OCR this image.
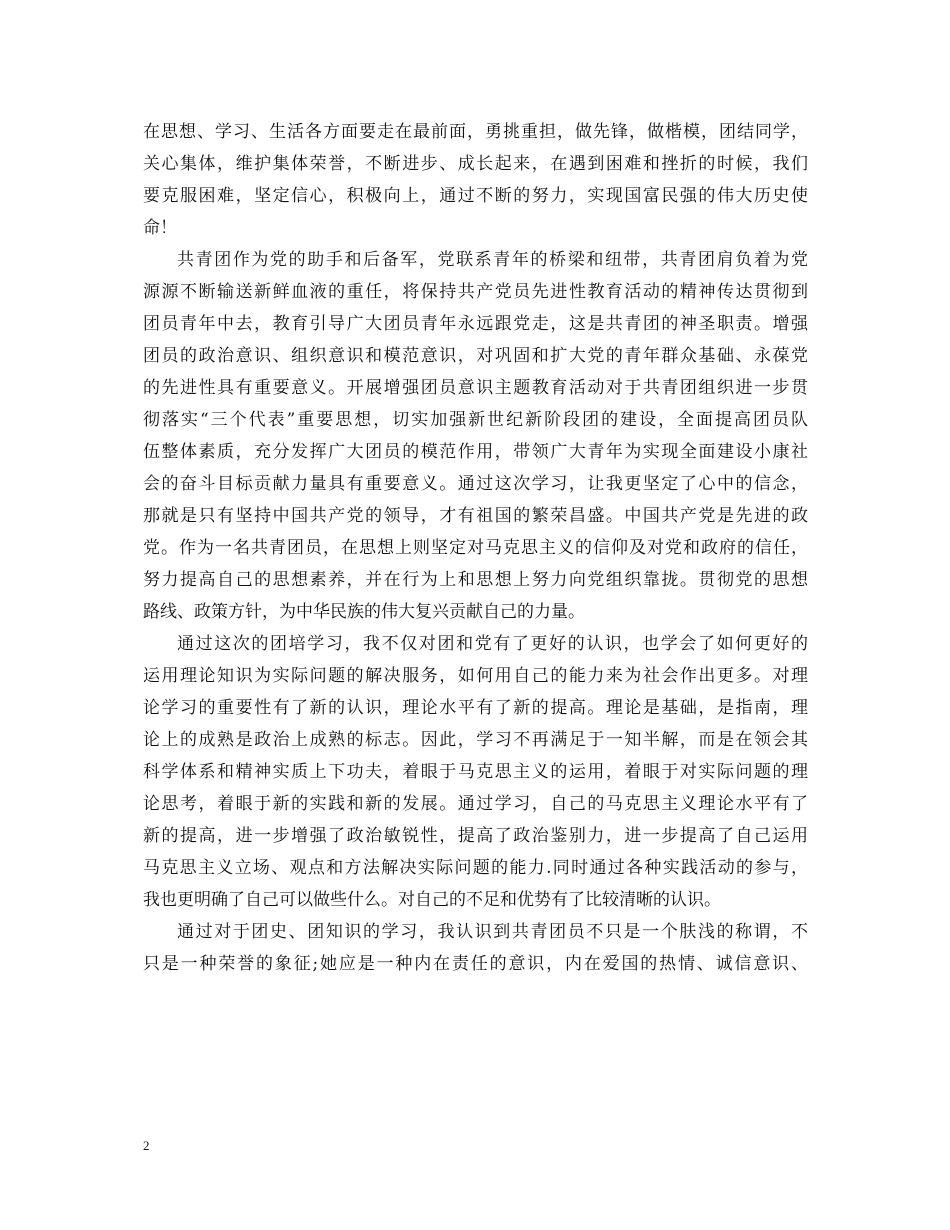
在思想、学习、生活各方面要走在最前面，勇挑重担，做先锋，做楷模，团结同学，
关心集体，维护集体荣誉，不断进步、成长起来，在遇到困难和挫折的时候，我们
要克服困难，坚定信心，积极向上，通过不断的努力，实现国富民强的伟大历史使
命！
共青团作为党的助手和后备军，党联系青年的桥梁和纽带，共青团肩负着为党
源源不断输送新鲜血液的重任，将保持共产党员先进性教育活动的精神传达贯彻到
团员青年中去，教育引导广大团员青年永远跟党走，这是共青团的神圣职责。增强
团员的政治意识、组织意识和模范意识，对巩固和扩大党的青年群众基础、永葆党
的先进性具有重要意义。开展增强团员意识主题教育活动对于共青团组织进一步贯
彻落实“三个代表”重要思想，切实加强新世纪新阶段团的建设，全面提高团员队
伍整体素质，充分发挥广大团员的模范作用，带领广大青年为实现全面建设小康社
会的奋斗目标贡献力量具有重要意义。通过这次学习，让我更坚定了心中的信念，
那就是只有坚持中国共产党的领导，才有祖国的繁荣昌盛。中国共产党是先进的政
党。作为一名共青团员，在思想上则坚定对马克思主义的信仰及对党和政府的信任，
努力提高自己的思想素养，并在行为上和思想上努力向党组织靠拢。贯彻党的思想
路线、政策方针，为中华民族的伟大复兴贡献自己的力量。
通过这次的团培学习，我不仅对团和党有了更好的认识，也学会了如何更好的
运用理论知识为实际问题的解决服务，如何用自己的能力来为社会作出更多。对理
论学习的重要性有了新的认识，理论水平有了新的提高。理论是基础，是指南，理
论上的成熟是政治上成熟的标志。因此，学习不再满足于一知半解，而是在领会其
科学体系和精神实质上下功夫，着眼于马克思主义的运用，着眼于对实际问题的理
论思考，着眼于新的实践和新的发展。通过学习，自己的马克思主义理论水平有了
新的提高，进一步增强了政治敏锐性，提高了政治鉴别力，进一步提高了自己运用
马克思主义立场、观点和方法解决实际问题的能力.同时通过各种实践活动的参与，
我也更明确了自己可以做些什么。对自己的不足和优势有了比较清晰的认识。
通过对于团史、团知识的学习，我认识到共青团员不只是一个肤浅的称谓，不
只是一种荣誉的象征;她应是一种内在责任的意识，内在爱国的热情、诚信意识、
2
